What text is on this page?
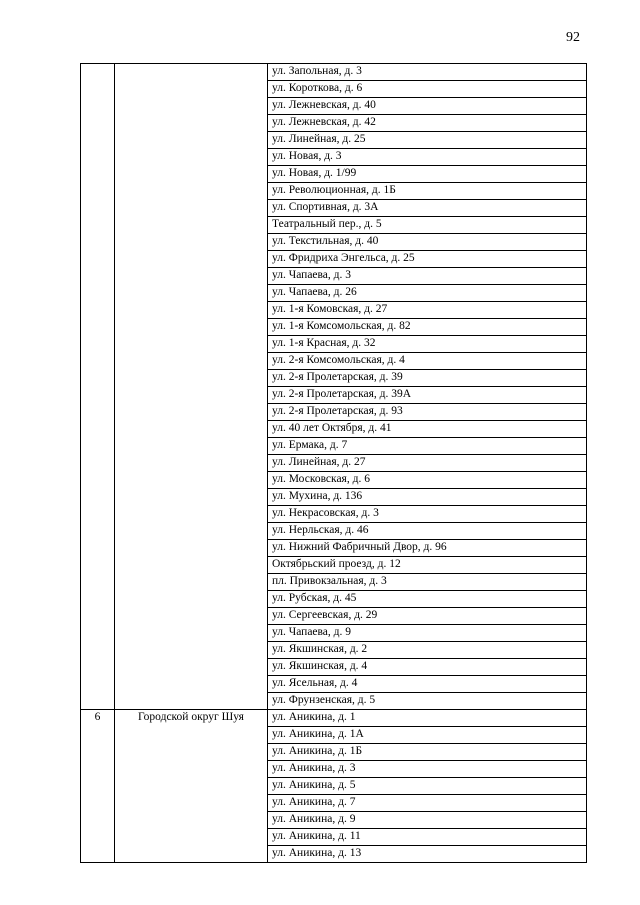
92
		ул. Запольная, д. 3
		ул. Короткова, д. 6
		ул. Лежневская, д. 40
		ул. Лежневская, д. 42
		ул. Линейная, д. 25
		ул. Новая, д. 3
		ул. Новая, д. 1/99
		ул. Революционная, д. 1Б
		ул. Спортивная, д. 3А
		Театральный пер., д. 5
		ул. Текстильная, д. 40
		ул. Фридриха Энгельса, д. 25
		ул. Чапаева, д. 3
		ул. Чапаева, д. 26
		ул. 1-я Комовская, д. 27
		ул. 1-я Комсомольская, д. 82
		ул. 1-я Красная, д. 32
		ул. 2-я Комсомольская, д. 4
		ул. 2-я Пролетарская, д. 39
		ул. 2-я Пролетарская, д. 39А
		ул. 2-я Пролетарская, д. 93
		ул. 40 лет Октября, д. 41
		ул. Ермака, д. 7
		ул. Линейная, д. 27
		ул. Московская, д. 6
		ул. Мухина, д. 136
		ул. Некрасовская, д. 3
		ул. Нерльская, д. 46
		ул. Нижний Фабричный Двор, д. 96
		Октябрьский проезд, д. 12
		пл. Привокзальная, д. 3
		ул. Рубская, д. 45
		ул. Сергеевская, д. 29
		ул. Чапаева, д. 9
		ул. Якшинская, д. 2
		ул. Якшинская, д. 4
		ул. Ясельная, д. 4
		ул. Фрунзенская, д. 5
6	Городской округ Шуя	ул. Аникина, д. 1
		ул. Аникина, д. 1А
		ул. Аникина, д. 1Б
		ул. Аникина, д. 3
		ул. Аникина, д. 5
		ул. Аникина, д. 7
		ул. Аникина, д. 9
		ул. Аникина, д. 11
		ул. Аникина, д. 13
